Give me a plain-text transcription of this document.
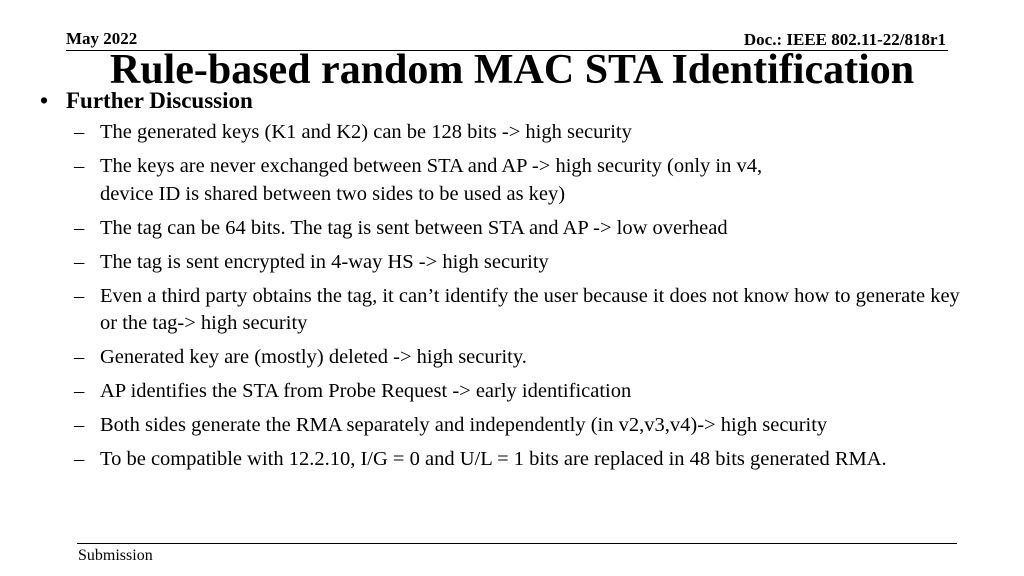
May 2022	Doc.: IEEE 802.11-22/818r1
Rule-based random MAC STA Identification
• Further Discussion
– The generated keys (K1 and K2) can be 128 bits -> high security
– The keys are never exchanged between STA and AP -> high security (only in v4, device ID is shared between two sides to be used as key)
– The tag can be 64 bits. The tag is sent between STA and AP -> low overhead
– The tag is sent encrypted in 4-way HS -> high security
– Even a third party obtains the tag, it can’t identify the user because it does not know how to generate key or the tag-> high security
– Generated key are (mostly) deleted -> high security.
– AP identifies the STA from Probe Request -> early identification
– Both sides generate the RMA separately and independently (in v2,v3,v4)-> high security
– To be compatible with 12.2.10, I/G = 0 and U/L = 1 bits are replaced in 48 bits generated RMA.
Submission
